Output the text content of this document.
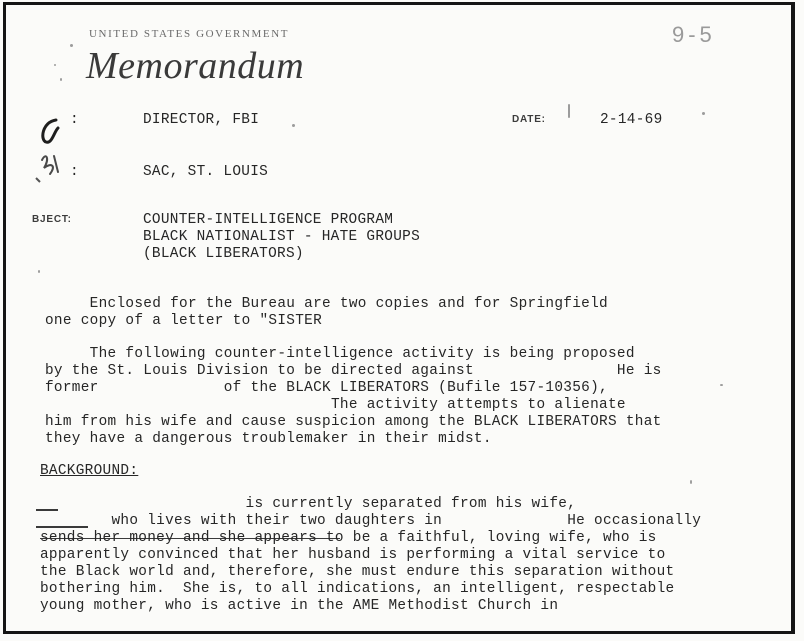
UNITED STATES GOVERNMENT
Memorandum
9-5
:	DIRECTOR, FBI	DATE:	2-14-69
:	SAC, ST. LOUIS
BJECT:	COUNTER-INTELLIGENCE PROGRAM
BLACK NATIONALIST - HATE GROUPS
(BLACK LIBERATORS)
Enclosed for the Bureau are two copies and for Springfield
one copy of a letter to "SISTER
The following counter-intelligence activity is being proposed
by the St. Louis Division to be directed against                He is
former              of the BLACK LIBERATORS (Bufile 157-10356),
The activity attempts to alienate
him from his wife and cause suspicion among the BLACK LIBERATORS that
they have a dangerous troublemaker in their midst.
BACKGROUND:
is currently separated from his wife,
who lives with their two daughters in              He occasionally
sends her money and she appears to be a faithful, loving wife, who is
apparently convinced that her husband is performing a vital service to
the Black world and, therefore, she must endure this separation without
bothering him.  She is, to all indications, an intelligent, respectable
young mother, who is active in the AME Methodist Church in
